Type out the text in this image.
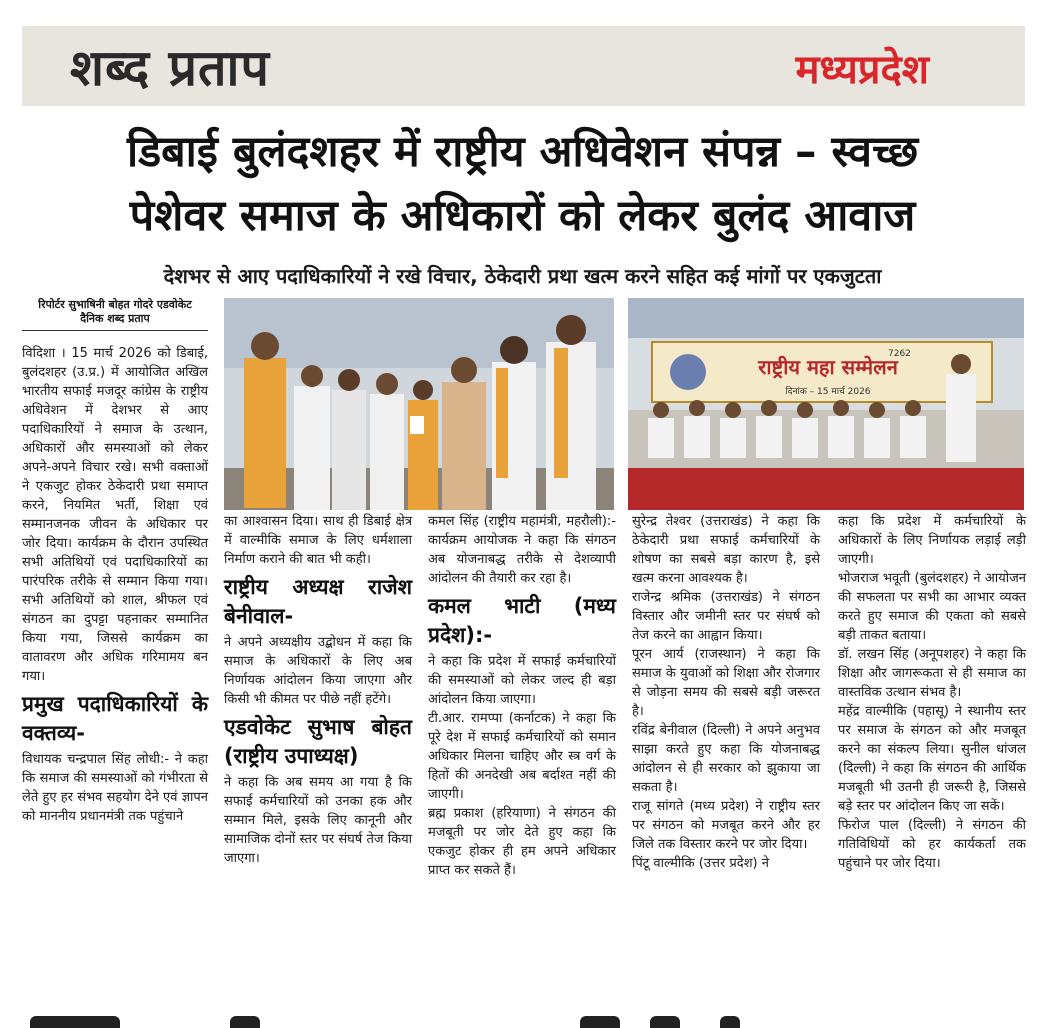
शब्द प्रताप	मध्यप्रदेश
डिबाई बुलंदशहर में राष्ट्रीय अधिवेशन संपन्न – स्वच्छ
पेशेवर समाज के अधिकारों को लेकर बुलंद आवाज
देशभर से आए पदाधिकारियों ने रखे विचार, ठेकेदारी प्रथा खत्म करने सहित कई मांगों पर एकजुटता
रिपोर्टर सुभाषिनी बोहत गोदरे एडवोकेट
दैनिक शब्द प्रताप
राष्ट्रीय महा सम्मेलन
दिनांक – 15 मार्च 2026
7262

विदिशा । 15 मार्च 2026 को डिबाई, बुलंदशहर (उ.प्र.) में आयोजित अखिल भारतीय सफाई मजदूर कांग्रेस के राष्ट्रीय अधिवेशन में देशभर से आए पदाधिकारियों ने समाज के उत्थान, अधिकारों और समस्याओं को लेकर अपने-अपने विचार रखे। सभी वक्ताओं ने एकजुट होकर ठेकेदारी प्रथा समाप्त करने, नियमित भर्ती, शिक्षा एवं सम्मानजनक जीवन के अधिकार पर जोर दिया। कार्यक्रम के दौरान उपस्थित सभी अतिथियों एवं पदाधिकारियों का पारंपरिक तरीके से सम्मान किया गया। सभी अतिथियों को शाल, श्रीफल एवं संगठन का दुपट्टा पहनाकर सम्मानित किया गया, जिससे कार्यक्रम का वातावरण और अधिक गरिमामय बन गया।

प्रमुख पदाधिकारियों के वक्तव्य-

विधायक चन्द्रपाल सिंह लोधी:- ने कहा कि समाज की समस्याओं को गंभीरता से लेते हुए हर संभव सहयोग देने एवं ज्ञापन को माननीय प्रधानमंत्री तक पहुंचाने

का आश्वासन दिया। साथ ही डिबाई क्षेत्र में वाल्मीकि समाज के लिए धर्मशाला निर्माण कराने की बात भी कही।

राष्ट्रीय अध्यक्ष राजेश बेनीवाल-

ने अपने अध्यक्षीय उद्बोधन में कहा कि समाज के अधिकारों के लिए अब निर्णायक आंदोलन किया जाएगा और किसी भी कीमत पर पीछे नहीं हटेंगे।

एडवोकेट सुभाष बोहत (राष्ट्रीय उपाध्यक्ष)

ने कहा कि अब समय आ गया है कि सफाई कर्मचारियों को उनका हक और सम्मान मिले, इसके लिए कानूनी और सामाजिक दोनों स्तर पर संघर्ष तेज किया जाएगा।

कमल सिंह (राष्ट्रीय महामंत्री, महरौली):- कार्यक्रम आयोजक ने कहा कि संगठन अब योजनाबद्ध तरीके से देशव्यापी आंदोलन की तैयारी कर रहा है।

कमल भाटी (मध्य प्रदेश):-

ने कहा कि प्रदेश में सफाई कर्मचारियों की समस्याओं को लेकर जल्द ही बड़ा आंदोलन किया जाएगा।

टी.आर. रामप्पा (कर्नाटक) ने कहा कि पूरे देश में सफाई कर्मचारियों को समान अधिकार मिलना चाहिए और स्त्र वर्ग के हितों की अनदेखी अब बर्दाश्त नहीं की जाएगी।

ब्रह्म प्रकाश (हरियाणा) ने संगठन की मजबूती पर जोर देते हुए कहा कि एकजुट होकर ही हम अपने अधिकार प्राप्त कर सकते हैं।

सुरेन्द्र तेश्वर (उत्तराखंड) ने कहा कि ठेकेदारी प्रथा सफाई कर्मचारियों के शोषण का सबसे बड़ा कारण है, इसे खत्म करना आवश्यक है।

राजेन्द्र श्रमिक (उत्तराखंड) ने संगठन विस्तार और जमीनी स्तर पर संघर्ष को तेज करने का आह्वान किया।

पूरन आर्य (राजस्थान) ने कहा कि समाज के युवाओं को शिक्षा और रोजगार से जोड़ना समय की सबसे बड़ी जरूरत है।

रविंद्र बेनीवाल (दिल्ली) ने अपने अनुभव साझा करते हुए कहा कि योजनाबद्ध आंदोलन से ही सरकार को झुकाया जा सकता है।

राजू सांगते (मध्य प्रदेश) ने राष्ट्रीय स्तर पर संगठन को मजबूत करने और हर जिले तक विस्तार करने पर जोर दिया।

पिंटू वाल्मीकि (उत्तर प्रदेश) ने

कहा कि प्रदेश में कर्मचारियों के अधिकारों के लिए निर्णायक लड़ाई लड़ी जाएगी।

भोजराज भवूती (बुलंदशहर) ने आयोजन की सफलता पर सभी का आभार व्यक्त करते हुए समाज की एकता को सबसे बड़ी ताकत बताया।

डॉ. लखन सिंह (अनूपशहर) ने कहा कि शिक्षा और जागरूकता से ही समाज का वास्तविक उत्थान संभव है।

महेंद्र वाल्मीकि (पहासू) ने स्थानीय स्तर पर समाज के संगठन को और मजबूत करने का संकल्प लिया। सुनील धांजल (दिल्ली) ने कहा कि संगठन की आर्थिक मजबूती भी उतनी ही जरूरी है, जिससे बड़े स्तर पर आंदोलन किए जा सकें।

फिरोज पाल (दिल्ली) ने संगठन की गतिविधियों को हर कार्यकर्ता तक पहुंचाने पर जोर दिया।
